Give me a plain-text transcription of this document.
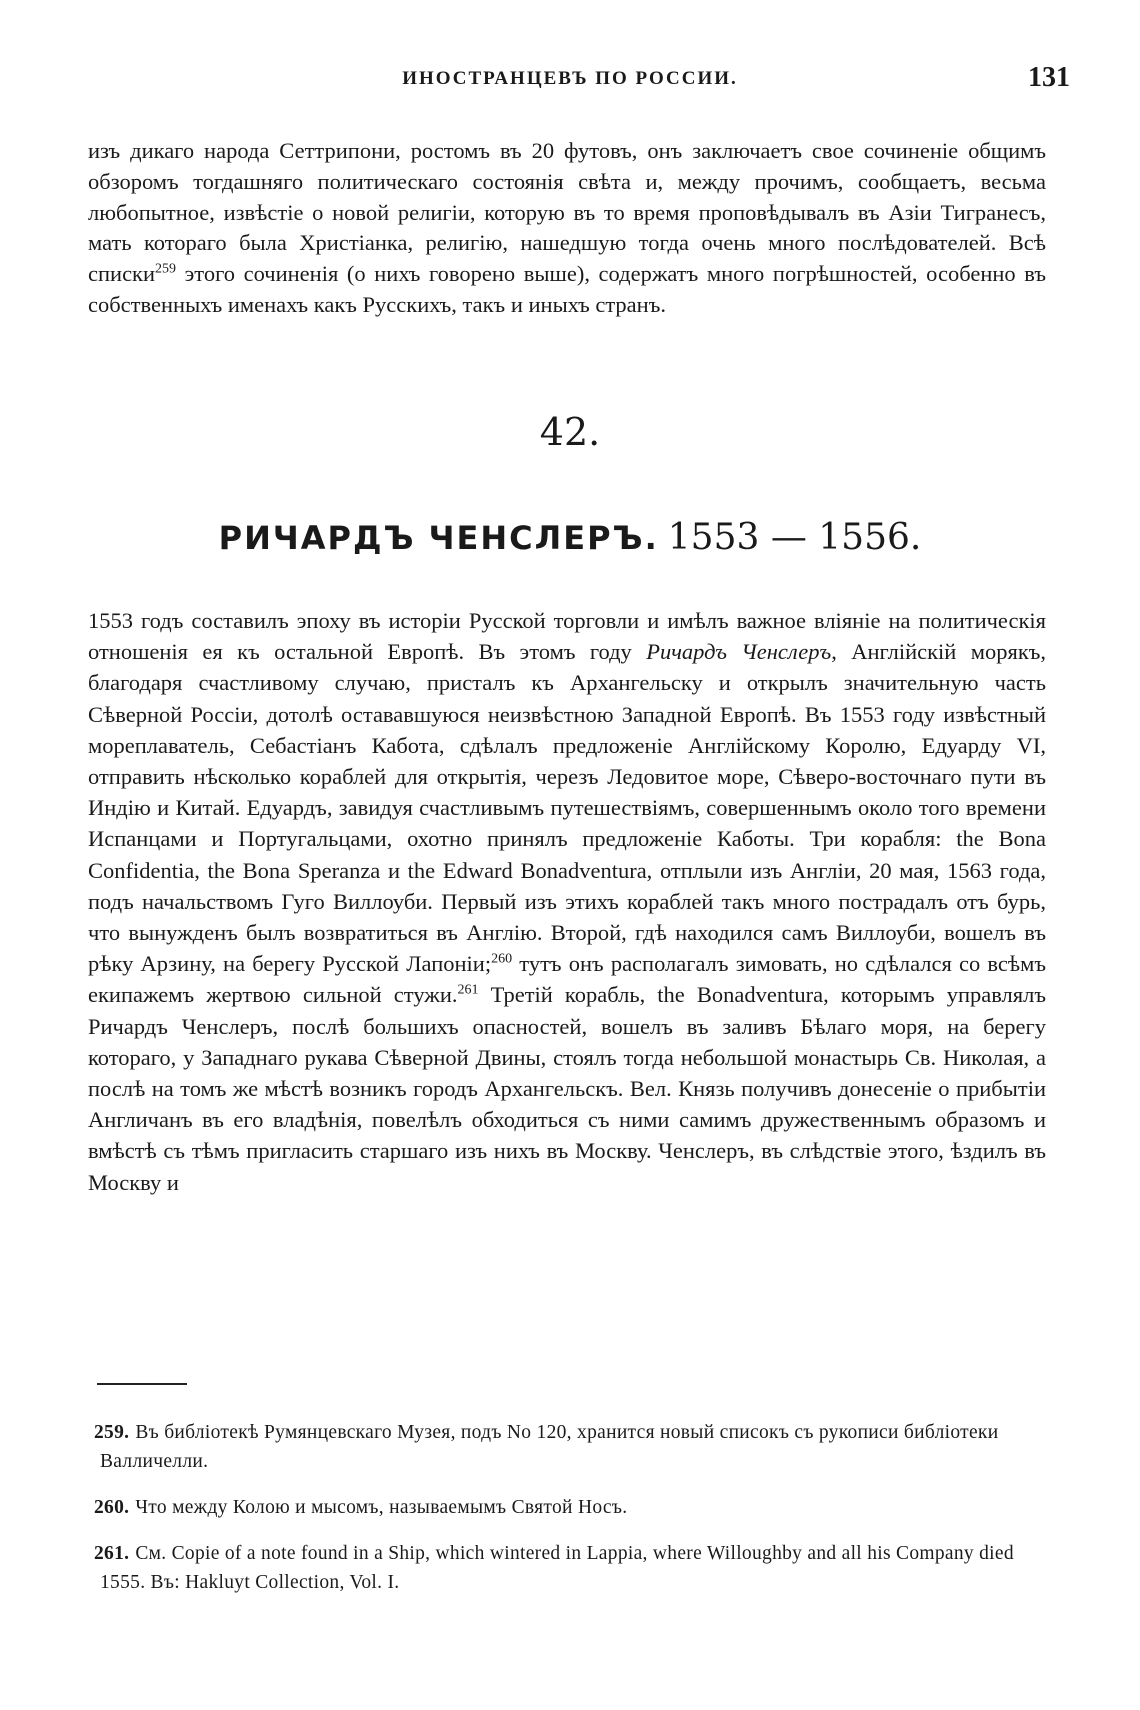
ИНОСТРАНЦЕВЪ ПО РОССИИ.	131

изъ дикаго народа Сеттрипони, ростомъ въ 20 футовъ, онъ заключаетъ свое сочиненіе общимъ обзоромъ тогдашняго политическаго состоянія свѣта и, между прочимъ, сообщаетъ, весьма любопытное, извѣстіе о новой религіи, которую въ то время проповѣдывалъ въ Азіи Тигранесъ, мать котораго была Христіанка, религію, нашедшую тогда очень много послѣдователей. Всѣ списки$^{259}$ этого сочиненія (о нихъ говорено выше), содержатъ много погрѣшностей, особенно въ собственныхъ именахъ какъ Русскихъ, такъ и иныхъ странъ.

42.
РИЧАРДЪ ЧЕНСЛЕРЪ. 1553 — 1556.

1553 годъ составилъ эпоху въ исторіи Русской торговли и имѣлъ важное вліяніе на политическія отношенія ея къ остальной Европѣ. Въ этомъ году Ричардъ Ченслеръ, Англійскій морякъ, благодаря счастливому случаю, присталъ къ Архангельску и открылъ значительную часть Сѣверной Россіи, дотолѣ остававшуюся неизвѣстною Западной Европѣ. Въ 1553 году извѣстный мореплаватель, Себастіанъ Кабота, сдѣлалъ предложеніе Англійскому Королю, Едуарду VI, отправить нѣсколько кораблей для открытія, черезъ Ледовитое море, Сѣверо-восточнаго пути въ Индію и Китай. Едуардъ, завидуя счастливымъ путешествіямъ, совершеннымъ около того времени Испанцами и Португальцами, охотно принялъ предложеніе Каботы. Три корабля: the Bona Confidentia, the Bona Speranza и the Edward Bonadventura, отплыли изъ Англіи, 20 мая, 1563 года, подъ начальствомъ Гуго Виллоуби. Первый изъ этихъ кораблей такъ много пострадалъ отъ бурь, что вынужденъ былъ возвратиться въ Англію. Второй, гдѣ находился самъ Виллоуби, вошелъ въ рѣку Арзину, на берегу Русской Лапоніи;$^{260}$ тутъ онъ располагалъ зимовать, но сдѣлался со всѣмъ екипажемъ жертвою сильной стужи.$^{261}$ Третій корабль, the Bonadventura, которымъ управлялъ Ричардъ Ченслеръ, послѣ большихъ опасностей, вошелъ въ заливъ Бѣлаго моря, на берегу котораго, у Западнаго рукава Сѣверной Двины, стоялъ тогда небольшой монастырь Св. Николая, а послѣ на томъ же мѣстѣ возникъ городъ Архангельскъ. Вел. Князь получивъ донесеніе о прибытіи Англичанъ въ его владѣнія, повелѣлъ обходиться съ ними самимъ дружественнымъ образомъ и вмѣстѣ съ тѣмъ пригласить старшаго изъ нихъ въ Москву. Ченслеръ, въ слѣдствіе этого, ѣздилъ въ Москву и

259. Въ библіотекѣ Румянцевскаго Музея, подъ No 120, хранится новый списокъ съ рукописи библіотеки Валличелли.

260. Что между Колою и мысомъ, называемымъ Святой Носъ.

261. См. Copie of a note found in a Ship, which wintered in Lappia, where Willoughby and all his Company died 1555. Въ: Hakluyt Collection, Vol. I.
